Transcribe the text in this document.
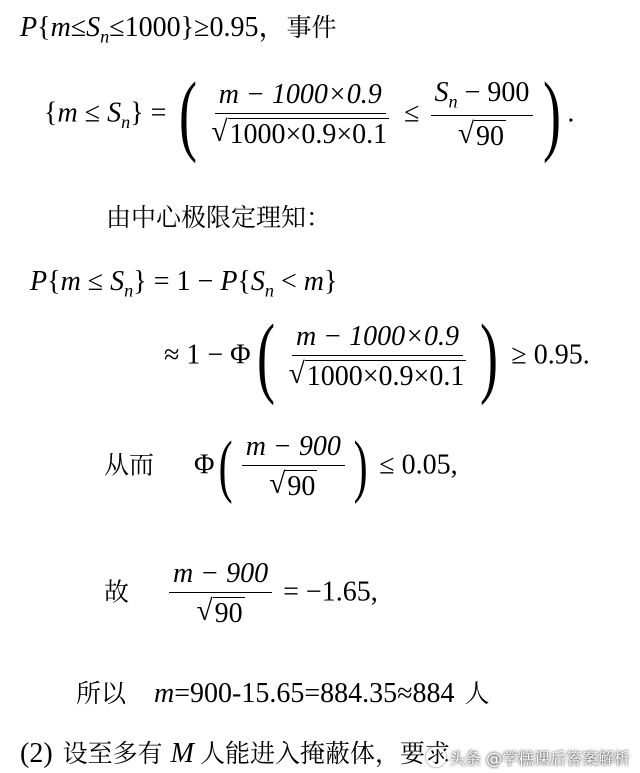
$P\{m\le S_n\le 1000\}\ge 0.95$，事件
$\{m \le S_n\}$ = ( $\frac{m - 1000\times 0.9}{√ 1000\times 0.9\times 0.1} \le \frac{S_n - 900}{√ 90}$ ) .
由中心极限定理知：
$P\{m \le S_n\} = 1 - P\{S_n < m\}$
≈ $1 - \Phi( \frac{m - 1000\times 0.9}{√ 1000\times 0.9\times 0.1}$ ) ≥ 0.95.
从而 $\Phi( \frac{m - 900}{√ 90}$ ) ≤ 0.05,
故 $\frac{m - 900}{√ 90} = -1.65$,
所以 m=900-15.65=884.35≈884 人
(2) 设至多有 M 人能进入掩蔽体，要求
头条 @学糕课后答案解析
